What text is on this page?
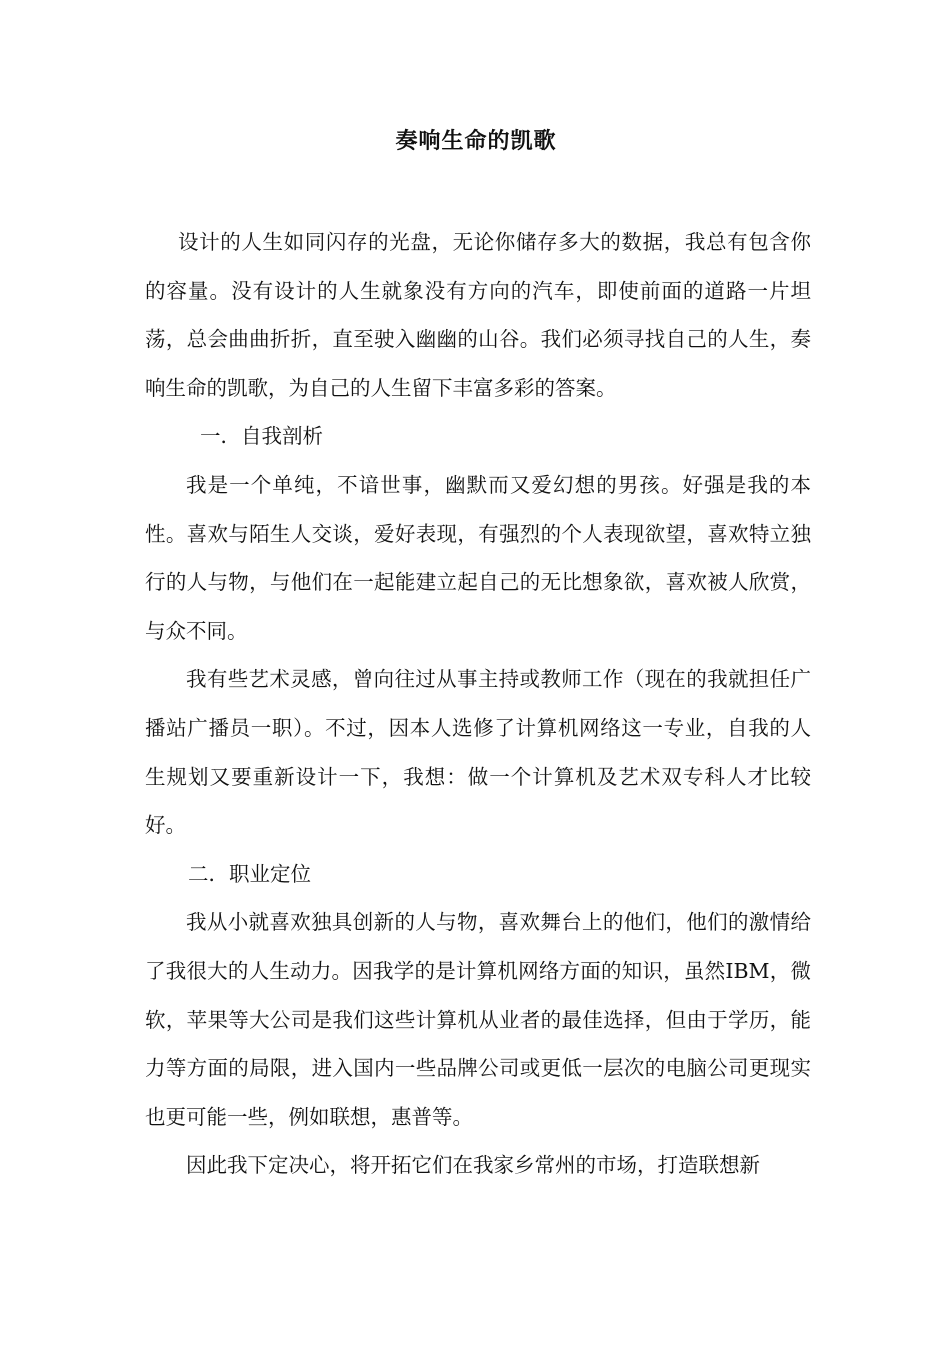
奏响生命的凯歌

设计的人生如同闪存的光盘，无论你储存多大的数据，我总有包含你的容量。没有设计的人生就象没有方向的汽车，即使前面的道路一片坦荡，总会曲曲折折，直至驶入幽幽的山谷。我们必须寻找自己的人生，奏响生命的凯歌，为自己的人生留下丰富多彩的答案。

一．自我剖析

我是一个单纯，不谙世事，幽默而又爱幻想的男孩。好强是我的本性。喜欢与陌生人交谈，爱好表现，有强烈的个人表现欲望，喜欢特立独行的人与物，与他们在一起能建立起自己的无比想象欲，喜欢被人欣赏，与众不同。

我有些艺术灵感，曾向往过从事主持或教师工作（现在的我就担任广播站广播员一职）。不过，因本人选修了计算机网络这一专业，自我的人生规划又要重新设计一下，我想：做一个计算机及艺术双专科人才比较好。

二．职业定位

我从小就喜欢独具创新的人与物，喜欢舞台上的他们，他们的激情给了我很大的人生动力。因我学的是计算机网络方面的知识，虽然IBM，微软，苹果等大公司是我们这些计算机从业者的最佳选择，但由于学历，能力等方面的局限，进入国内一些品牌公司或更低一层次的电脑公司更现实也更可能一些，例如联想，惠普等。

因此我下定决心，将开拓它们在我家乡常州的市场，打造联想新
